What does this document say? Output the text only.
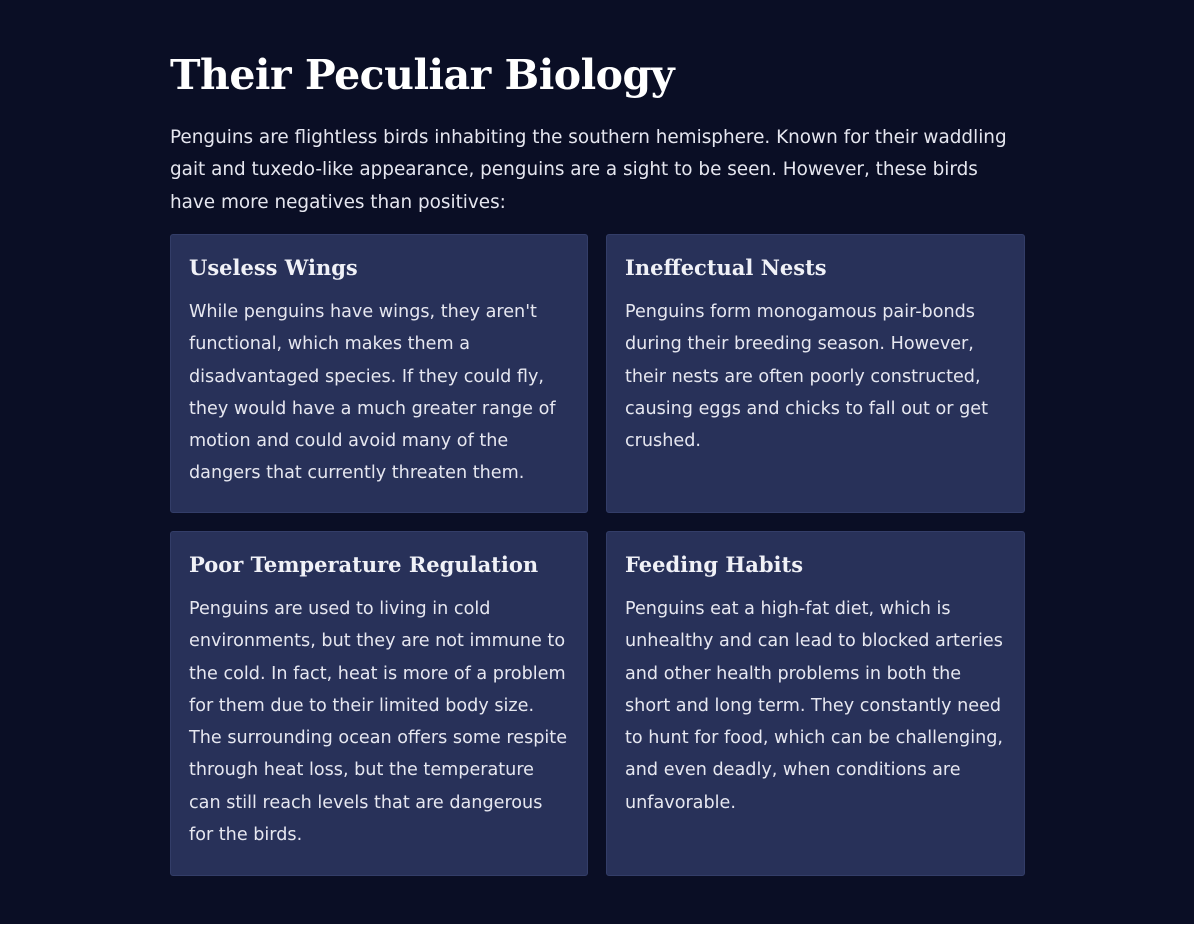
Their Peculiar Biology

Penguins are flightless birds inhabiting the southern hemisphere. Known for their waddling gait and tuxedo-like appearance, penguins are a sight to be seen. However, these birds have more negatives than positives:

Useless Wings

While penguins have wings, they aren't functional, which makes them a disadvantaged species. If they could fly, they would have a much greater range of motion and could avoid many of the dangers that currently threaten them.

Ineffectual Nests

Penguins form monogamous pair-bonds during their breeding season. However, their nests are often poorly constructed, causing eggs and chicks to fall out or get crushed.

Poor Temperature Regulation

Penguins are used to living in cold environments, but they are not immune to the cold. In fact, heat is more of a problem for them due to their limited body size. The surrounding ocean offers some respite through heat loss, but the temperature can still reach levels that are dangerous for the birds.

Feeding Habits

Penguins eat a high-fat diet, which is unhealthy and can lead to blocked arteries and other health problems in both the short and long term. They constantly need to hunt for food, which can be challenging, and even deadly, when conditions are unfavorable.
